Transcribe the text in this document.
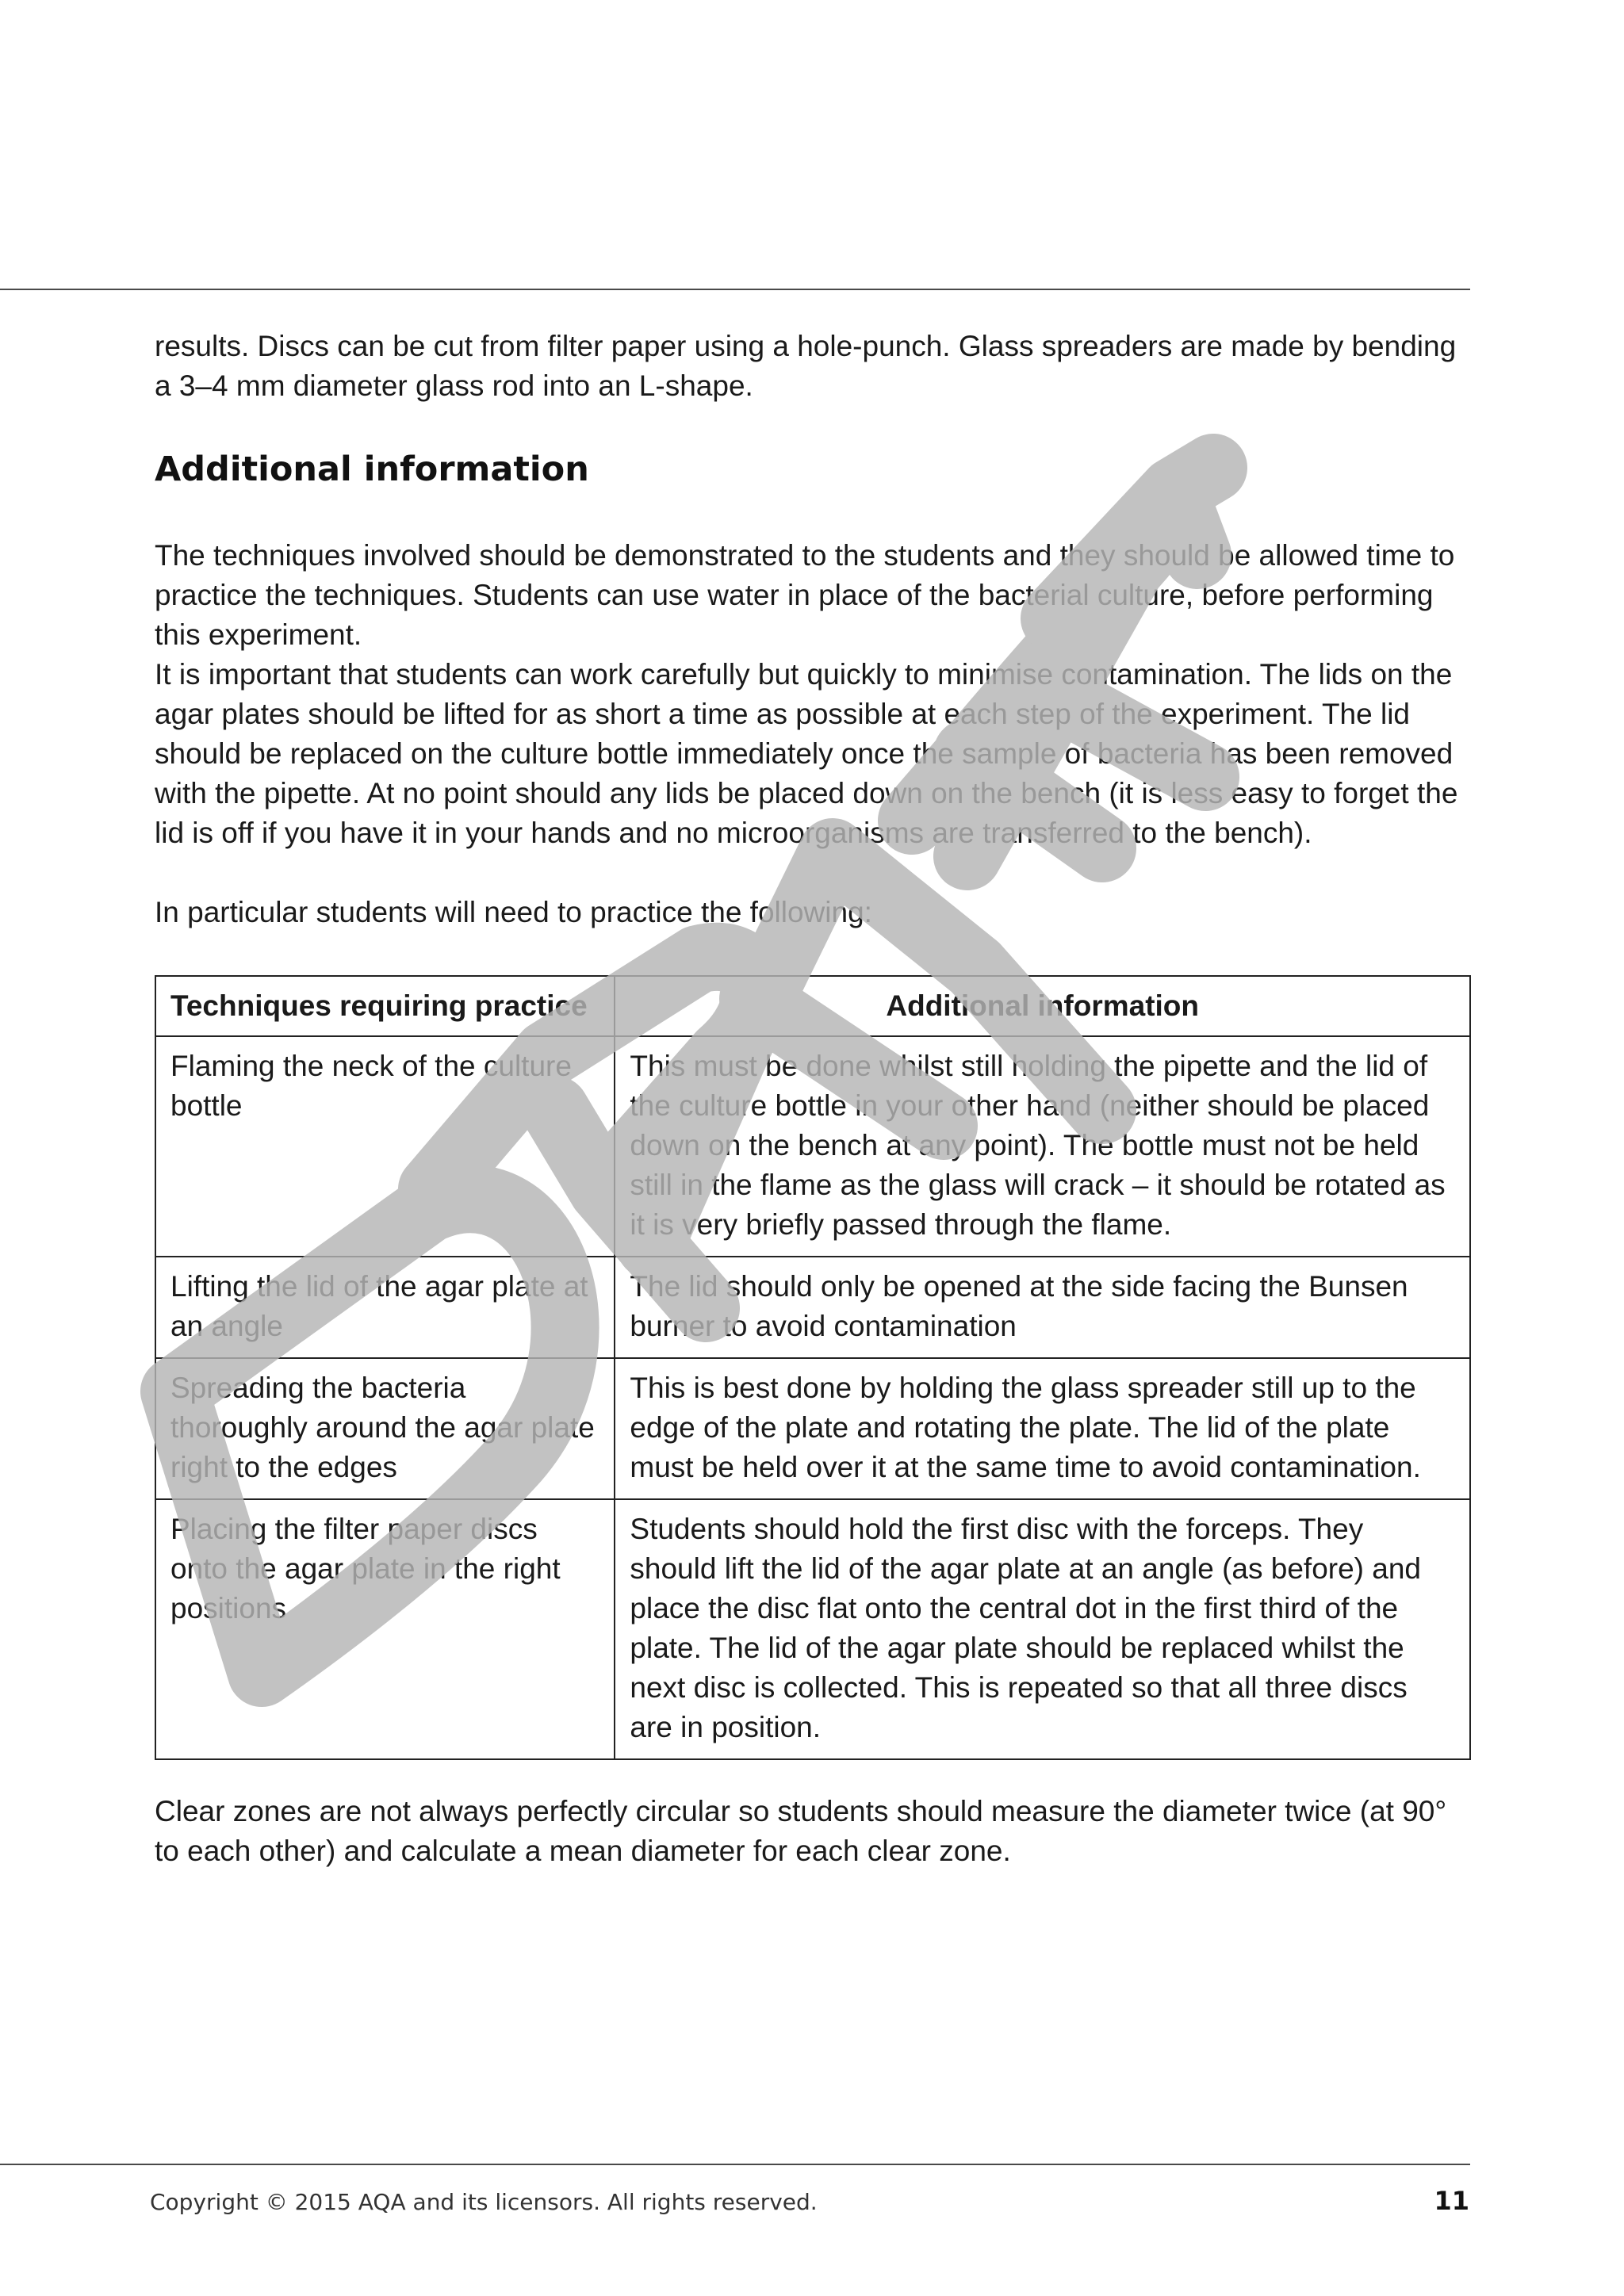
results. Discs can be cut from filter paper using a hole-punch. Glass spreaders are made by bending a 3–4 mm diameter glass rod into an L-shape.

Additional information

The techniques involved should be demonstrated to the students and they should be allowed time to practice the techniques. Students can use water in place of the bacterial culture, before performing this experiment.

It is important that students can work carefully but quickly to minimise contamination. The lids on the agar plates should be lifted for as short a time as possible at each step of the experiment. The lid should be replaced on the culture bottle immediately once the sample of bacteria has been removed with the pipette. At no point should any lids be placed down on the bench (it is less easy to forget the lid is off if you have it in your hands and no microorganisms are transferred to the bench).

In particular students will need to practice the following:

Techniques requiring practice	Additional information
Flaming the neck of the culture bottle	This must be done whilst still holding the pipette and the lid of the culture bottle in your other hand (neither should be placed down on the bench at any point). The bottle must not be held still in the flame as the glass will crack – it should be rotated as it is very briefly passed through the flame.
Lifting the lid of the agar plate at an angle	The lid should only be opened at the side facing the Bunsen burner to avoid contamination
Spreading the bacteria thoroughly around the agar plate right to the edges	This is best done by holding the glass spreader still up to the edge of the plate and rotating the plate. The lid of the plate must be held over it at the same time to avoid contamination.
Placing the filter paper discs onto the agar plate in the right positions	Students should hold the first disc with the forceps. They should lift the lid of the agar plate at an angle (as before) and place the disc flat onto the central dot in the first third of the plate. The lid of the agar plate should be replaced whilst the next disc is collected. This is repeated so that all three discs are in position.

Clear zones are not always perfectly circular so students should measure the diameter twice (at 90° to each other) and calculate a mean diameter for each clear zone.

Copyright © 2015 AQA and its licensors. All rights reserved.	11
